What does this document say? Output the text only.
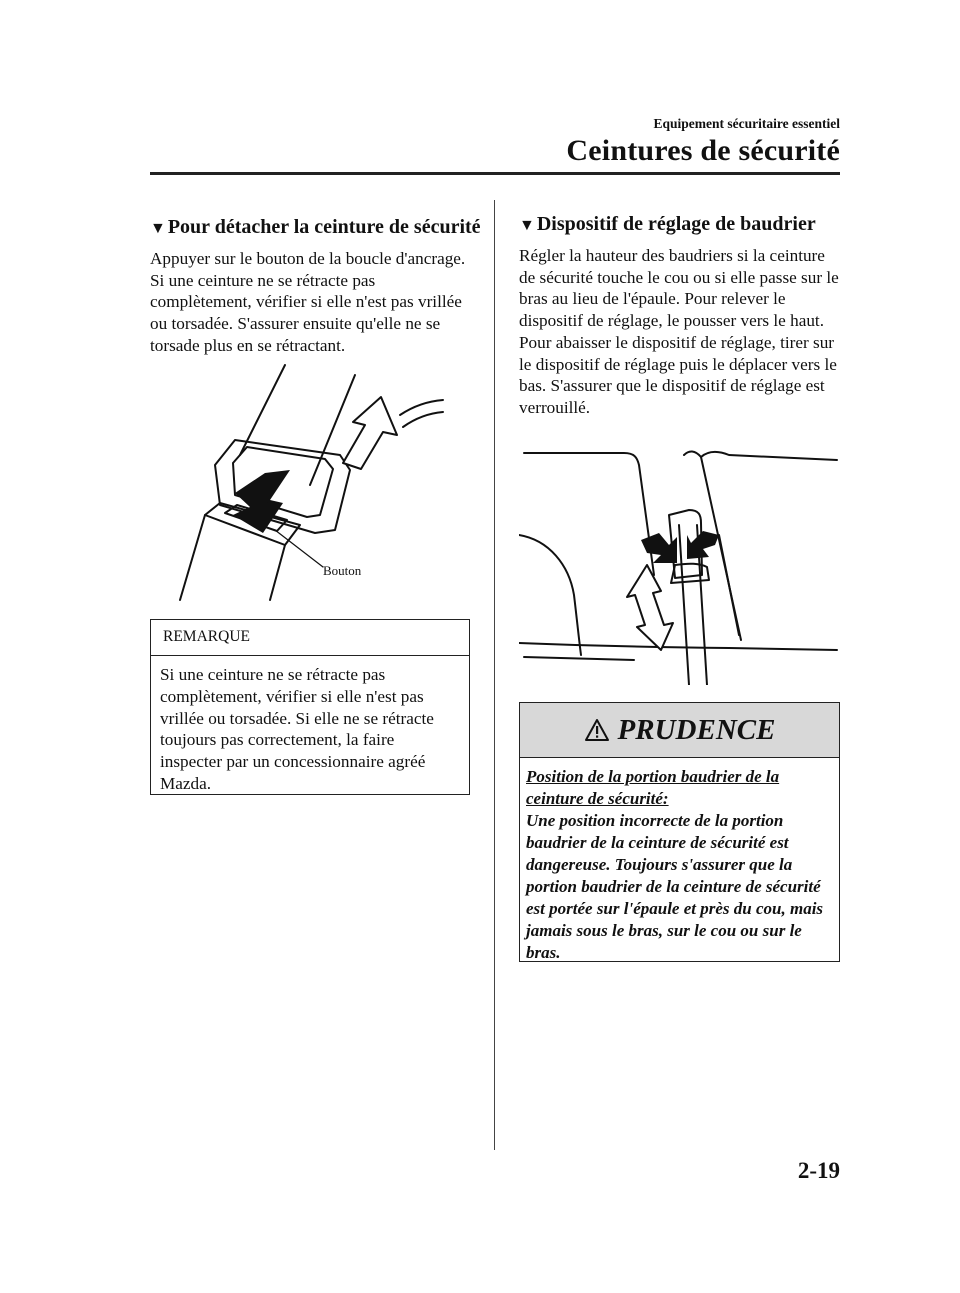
Equipement sécuritaire essentiel
Ceintures de sécurité
▼ Pour détacher la ceinture de sécurité

Appuyer sur le bouton de la boucle d'ancrage. Si une ceinture ne se rétracte pas complètement, vérifier si elle n'est pas vrillée ou torsadée. S'assurer ensuite qu'elle ne se torsade plus en se rétractant.

Bouton
REMARQUE
Si une ceinture ne se rétracte pas complètement, vérifier si elle n'est pas vrillée ou torsadée. Si elle ne se rétracte toujours pas correctement, la faire inspecter par un concessionnaire agréé Mazda.
▼ Dispositif de réglage de baudrier

Régler la hauteur des baudriers si la ceinture de sécurité touche le cou ou si elle passe sur le bras au lieu de l'épaule. Pour relever le dispositif de réglage, le pousser vers le haut. Pour abaisser le dispositif de réglage, tirer sur le dispositif de réglage puis le déplacer vers le bas. S'assurer que le dispositif de réglage est verrouillé.

PRUDENCE
Position de la portion baudrier de la ceinture de sécurité:
Une position incorrecte de la portion baudrier de la ceinture de sécurité est dangereuse. Toujours s'assurer que la portion baudrier de la ceinture de sécurité est portée sur l'épaule et près du cou, mais jamais sous le bras, sur le cou ou sur le bras.
2-19
